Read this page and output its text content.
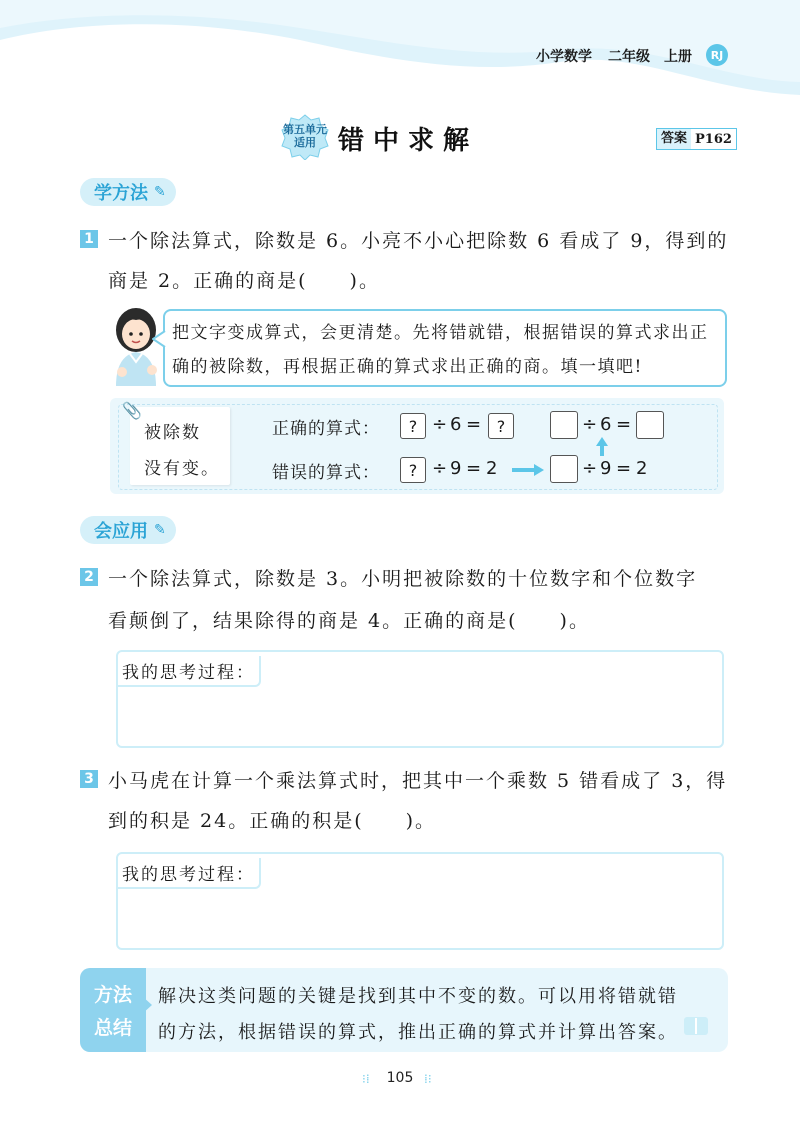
小学数学 二年级 上册	RJ
第五单元
适用 错中求解	答案 P162
学方法 ✎
1 一个除法算式，除数是 6。小亮不小心把除数 6 看成了 9，得到的
商是 2。正确的商是(　　)。
把文字变成算式，会更清楚。先将错就错，根据错误的算式求出正
确的被除数，再根据正确的算式求出正确的商。填一填吧!
📎
被除数
没有变。
正确的算式：	? ÷ 6 = ?	÷ 6 =
错误的算式：	? ÷ 9 = 2	÷ 9 = 2
会应用 ✎
2 一个除法算式，除数是 3。小明把被除数的十位数字和个位数字
看颠倒了，结果除得的商是 4。正确的商是(　　)。
我的思考过程：
3 小马虎在计算一个乘法算式时，把其中一个乘数 5 错看成了 3，得
到的积是 24。正确的积是(　　)。
我的思考过程：
方法
总结
解决这类问题的关键是找到其中不变的数。可以用将错就错
的方法，根据错误的算式，推出正确的算式并计算出答案。
⁝⁞	105 ⁞⁝
